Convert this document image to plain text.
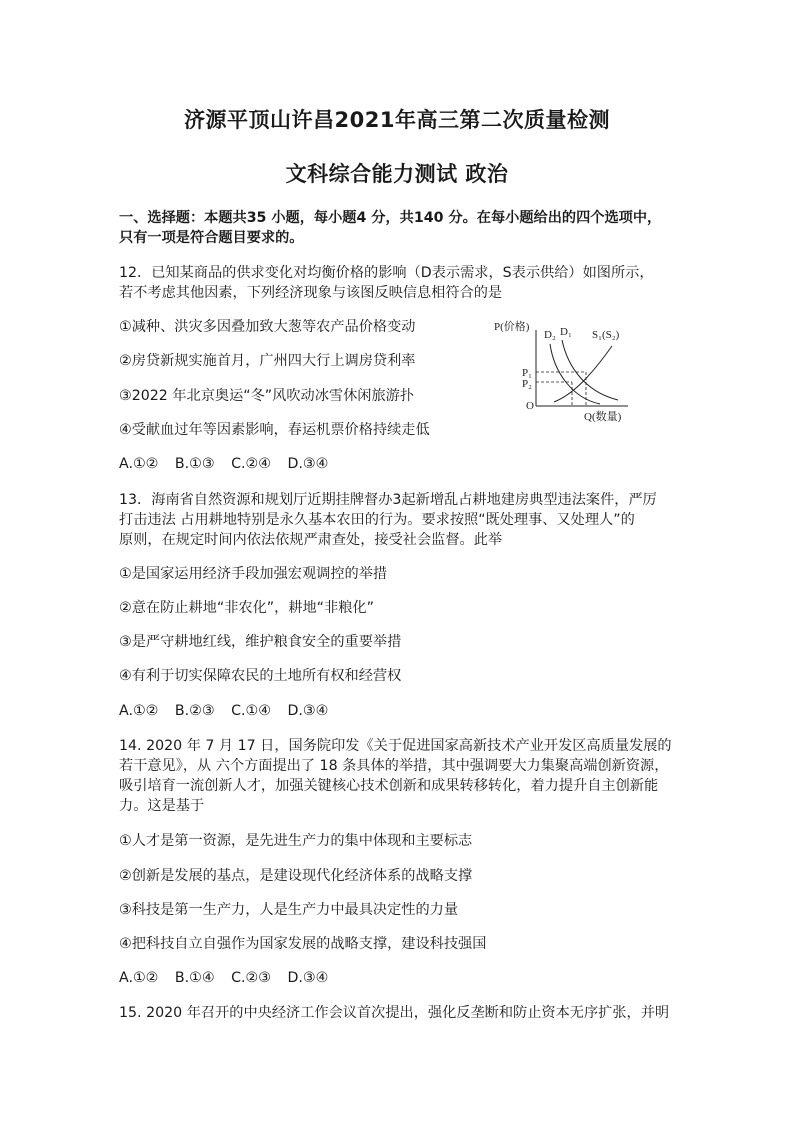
济源平顶山许昌2021年高三第二次质量检测
文科综合能力测试 政治
一、选择题：本题共35 小题，每小题4 分，共140 分。在每小题给出的四个选项中，
只有一项是符合题目要求的。
12．已知某商品的供求变化对均衡价格的影响（D表示需求，S表示供给）如图所示，
若不考虑其他因素，下列经济现象与该图反映信息相符合的是
①减种、洪灾多因叠加致大葱等农产品价格变动
②房贷新规实施首月，广州四大行上调房贷利率
③2022 年北京奥运“冬”风吹动冰雪休闲旅游扑
④受献血过年等因素影响，春运机票价格持续走低
A.①② B.①③ C.②④ D.③④
P(价格)
O
Q(数量)
D₂ D₁ S₁(S₂)
P₁
P₂
13．海南省自然资源和规划厅近期挂牌督办3起新增乱占耕地建房典型违法案件，严厉
打击违法 占用耕地特别是永久基本农田的行为。要求按照“既处理事、又处理人”的
原则，在规定时间内依法依规严肃查处，接受社会监督。此举
①是国家运用经济手段加强宏观调控的举措
②意在防止耕地“非农化”，耕地“非粮化”
③是严守耕地红线，维护粮食安全的重要举措
④有利于切实保障农民的土地所有权和经营权
A.①② B.②③ C.①④ D.③④
14. 2020 年 7 月 17 日，国务院印发《关于促进国家高新技术产业开发区高质量发展的
若干意见》，从 六个方面提出了 18 条具体的举措，其中强调要大力集聚高端创新资源，
吸引培育一流创新人才，加强关键核心技术创新和成果转移转化，着力提升自主创新能
力。这是基于
①人才是第一资源，是先进生产力的集中体现和主要标志
②创新是发展的基点，是建设现代化经济体系的战略支撑
③科技是第一生产力，人是生产力中最具决定性的力量
④把科技自立自强作为国家发展的战略支撑，建设科技强国
A.①② B.①④ C.②③ D.③④
15. 2020 年召开的中央经济工作会议首次提出，强化反垄断和防止资本无序扩张，并明
